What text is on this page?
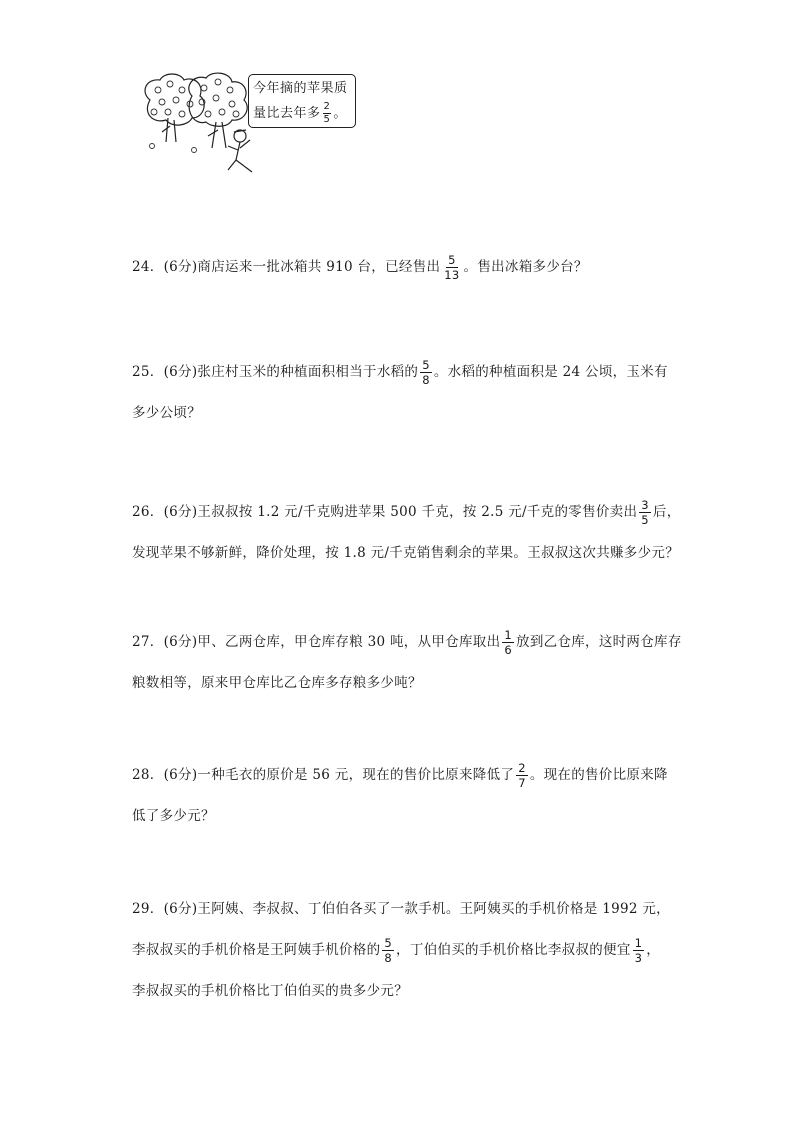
今年摘的苹果质
量比去年多 $\frac{2}{5}$ 。
24． (6分) 商店运来一批冰箱共 910 台，已经售出 $\frac{5}{13}$ 。售出冰箱多少台？
25． (6分) 张庄村玉米的种植面积相当于水稻的 $\frac{5}{8}$ 。水稻的种植面积是 24 公顷，玉米有
多少公顷？
26． (6分) 王叔叔按 1.2 元/千克购进苹果 500 千克，按 2.5 元/千克的零售价卖出 $\frac{3}{5}$ 后，
发现苹果不够新鲜，降价处理，按 1.8 元/千克销售剩余的苹果。王叔叔这次共赚多少元？
27． (6分) 甲、乙两仓库，甲仓库存粮 30 吨，从甲仓库取出 $\frac{1}{6}$ 放到乙仓库，这时两仓库存
粮数相等，原来甲仓库比乙仓库多存粮多少吨？
28． (6分) 一种毛衣的原价是 56 元，现在的售价比原来降低了 $\frac{2}{7}$ 。现在的售价比原来降
低了多少元？
29． (6分) 王阿姨、李叔叔、丁伯伯各买了一款手机。王阿姨买的手机价格是 1992 元，
李叔叔买的手机价格是王阿姨手机价格的 $\frac{5}{8}$ ，丁伯伯买的手机价格比李叔叔的便宜 $\frac{1}{3}$ ，
李叔叔买的手机价格比丁伯伯买的贵多少元？
